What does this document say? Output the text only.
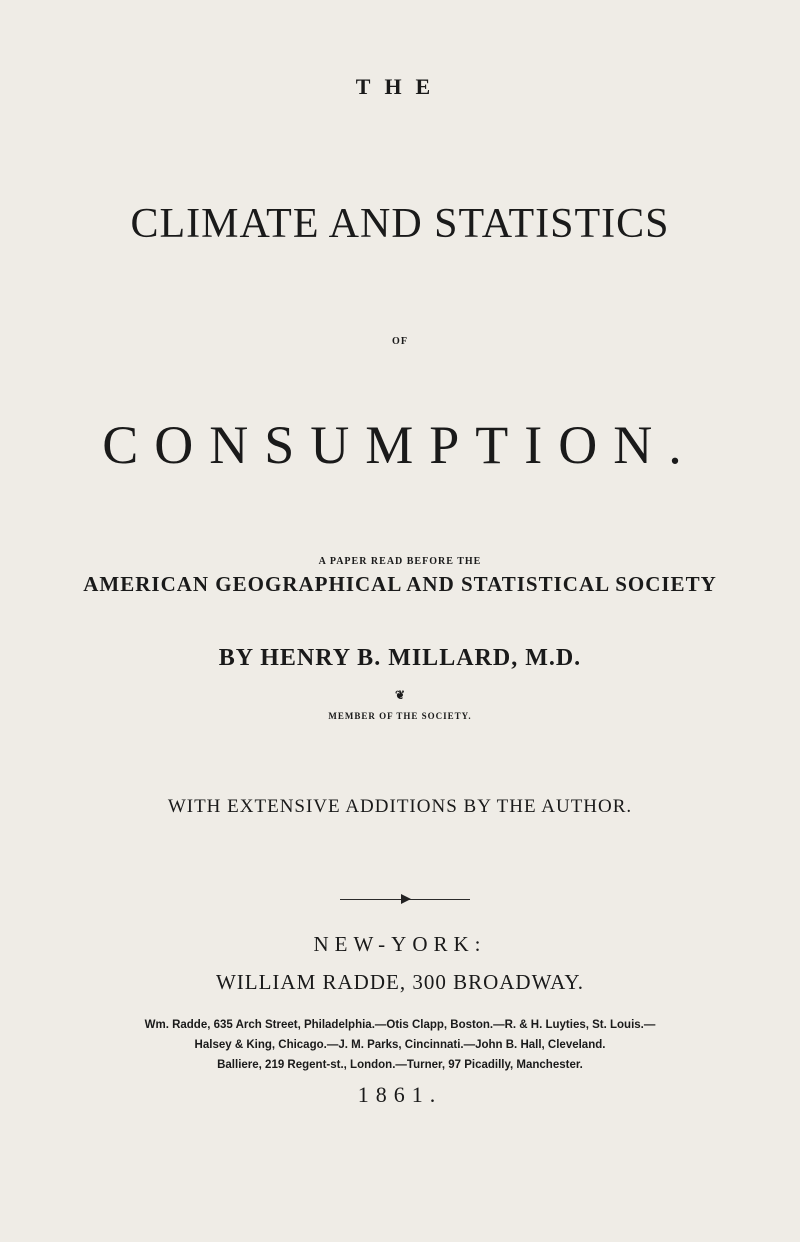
THE

CLIMATE AND STATISTICS

OF

CONSUMPTION.

A PAPER READ BEFORE THE

AMERICAN GEOGRAPHICAL AND STATISTICAL SOCIETY

BY HENRY B. MILLARD, M.D.

❦

MEMBER OF THE SOCIETY.

WITH EXTENSIVE ADDITIONS BY THE AUTHOR.

NEW-YORK:

WILLIAM RADDE, 300 BROADWAY.

Wm. Radde, 635 Arch Street, Philadelphia.—Otis Clapp, Boston.—R. & H. Luyties, St. Louis.—
Halsey & King, Chicago.—J. M. Parks, Cincinnati.—John B. Hall, Cleveland.
Balliere, 219 Regent-st., London.—Turner, 97 Picadilly, Manchester.

1861.
